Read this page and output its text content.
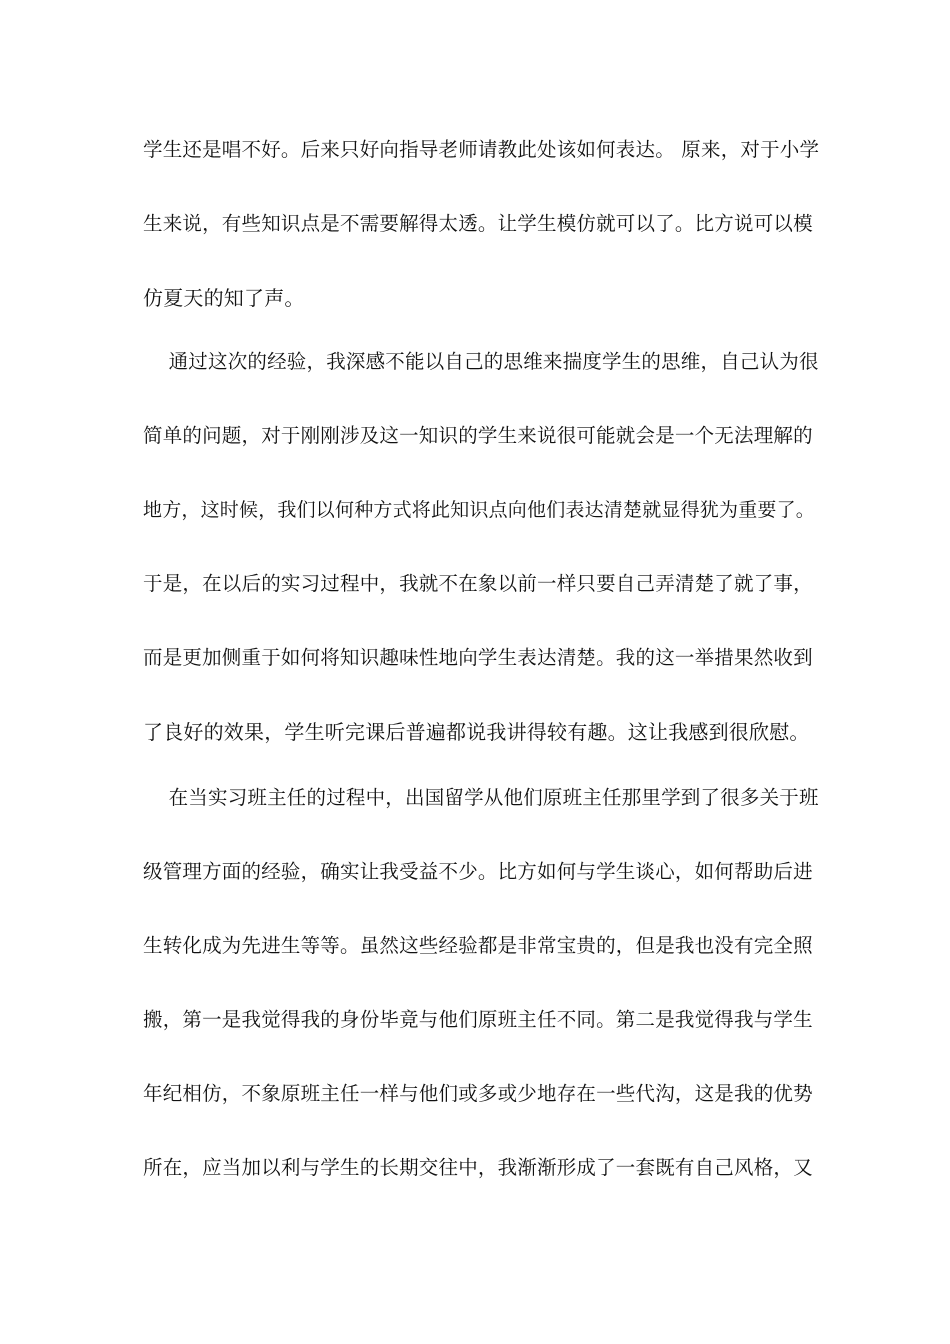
学生还是唱不好。后来只好向指导老师请教此处该如何表达。 原来，对于小学
生来说，有些知识点是不需要解得太透。让学生模仿就可以了。比方说可以模
仿夏天的知了声。
通过这次的经验，我深感不能以自己的思维来揣度学生的思维，自己认为很
简单的问题，对于刚刚涉及这一知识的学生来说很可能就会是一个无法理解的
地方，这时候，我们以何种方式将此知识点向他们表达清楚就显得犹为重要了。
于是，在以后的实习过程中，我就不在象以前一样只要自己弄清楚了就了事，
而是更加侧重于如何将知识趣味性地向学生表达清楚。我的这一举措果然收到
了良好的效果，学生听完课后普遍都说我讲得较有趣。这让我感到很欣慰。
在当实习班主任的过程中，出国留学从他们原班主任那里学到了很多关于班
级管理方面的经验，确实让我受益不少。比方如何与学生谈心，如何帮助后进
生转化成为先进生等等。虽然这些经验都是非常宝贵的，但是我也没有完全照
搬，第一是我觉得我的身份毕竟与他们原班主任不同。第二是我觉得我与学生
年纪相仿，不象原班主任一样与他们或多或少地存在一些代沟，这是我的优势
所在，应当加以利与学生的长期交往中，我渐渐形成了一套既有自己风格，又
